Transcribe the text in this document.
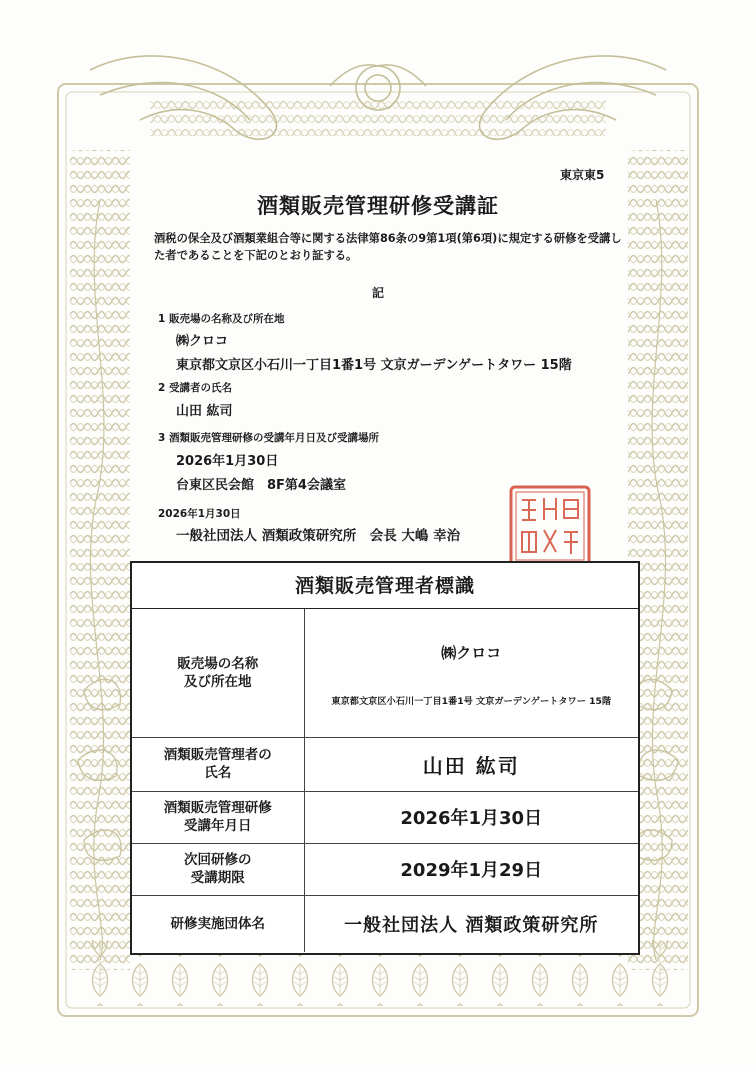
東京東5
酒類販売管理研修受講証
酒税の保全及び酒類業組合等に関する法律第86条の9第1項(第6項)に規定する研修を受講した者であることを下記のとおり証する。
記
1 販売場の名称及び所在地
㈱クロコ
東京都文京区小石川一丁目1番1号 文京ガーデンゲートタワー 15階
2 受講者の氏名
山田 紘司
3 酒類販売管理研修の受講年月日及び受講場所
2026年1月30日
台東区民会館　8F第4会議室
2026年1月30日
一般社団法人 酒類政策研究所　会長 大嶋 幸治
酒類販売管理者標識
販売場の名称
及び所在地	㈱クロコ
東京都文京区小石川一丁目1番1号 文京ガーデンゲートタワー 15階

酒類販売管理者の
氏名	山田 紘司
酒類販売管理研修
受講年月日	2026年1月30日
次回研修の
受講期限	2029年1月29日
研修実施団体名	一般社団法人 酒類政策研究所
